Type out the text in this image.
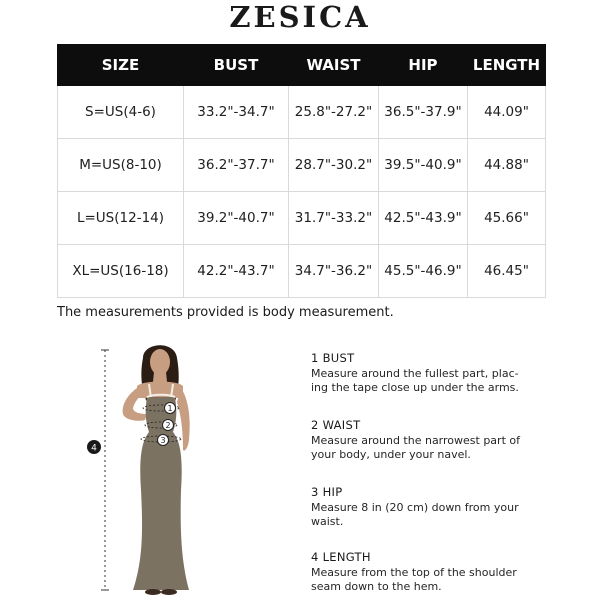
ZESICA
SIZE	BUST	WAIST	HIP	LENGTH
S=US(4-6)	33.2"-34.7"	25.8"-27.2"	36.5"-37.9"	44.09"
M=US(8-10)	36.2"-37.7"	28.7"-30.2"	39.5"-40.9"	44.88"
L=US(12-14)	39.2"-40.7"	31.7"-33.2"	42.5"-43.9"	45.66"
XL=US(16-18)	42.2"-43.7"	34.7"-36.2"	45.5"-46.9"	46.45"
The measurements provided is body measurement.
4
1
2
3
1 BUST
Measure around the fullest part, plac-
ing the tape close up under the arms.
2 WAIST
Measure around the narrowest part of
your body, under your navel.
3 HIP
Measure 8 in (20 cm) down from your
waist.
4 LENGTH
Measure from the top of the shoulder
seam down to the hem.
